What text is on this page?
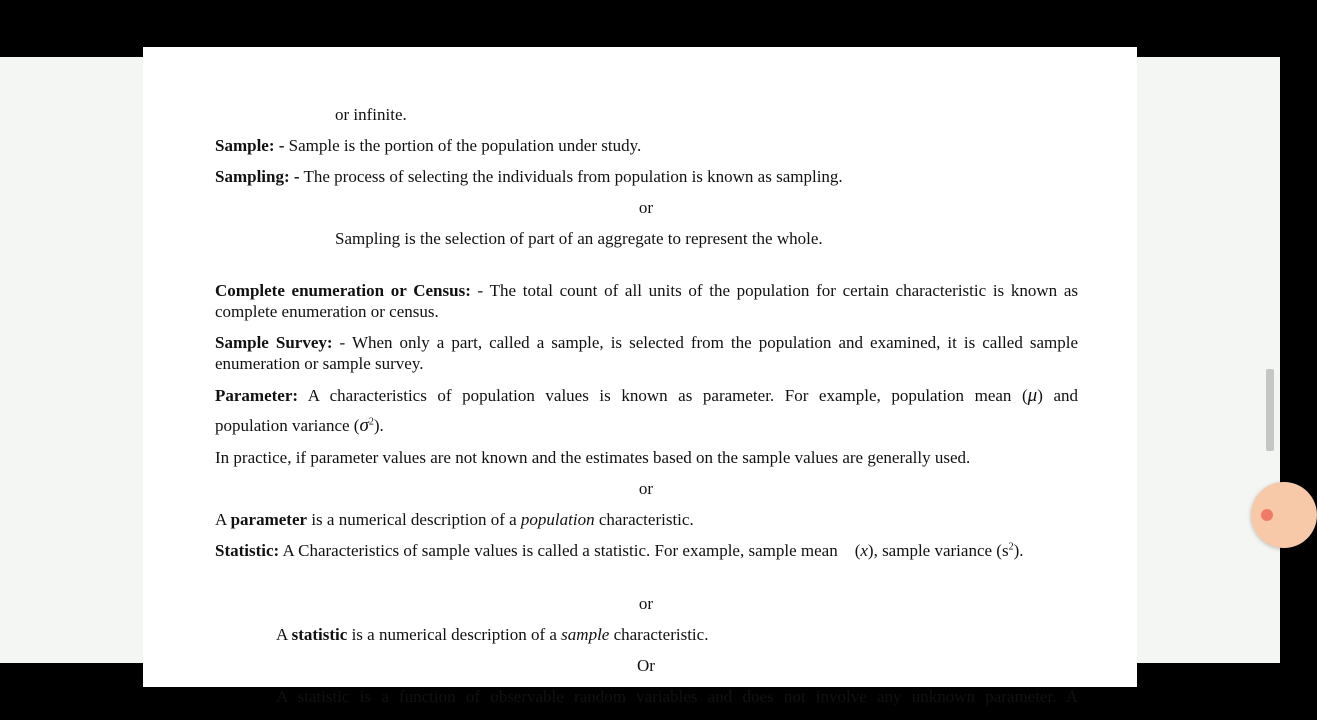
or infinite.

Sample: - Sample is the portion of the population under study.

Sampling: - The process of selecting the individuals from population is known as sampling.

or

Sampling is the selection of part of an aggregate to represent the whole.

Complete enumeration or Census: - The total count of all units of the population for certain characteristic is known as complete enumeration or census.

Sample Survey: - When only a part, called a sample, is selected from the population and examined, it is called sample enumeration or sample survey.

Parameter: A characteristics of population values is known as parameter. For example, population mean (μ) and

population variance $(\sigma^2)$.

In practice, if parameter values are not known and the estimates based on the sample values are generally used.

or

A parameter is a numerical description of a population characteristic.

Statistic: A Characteristics of sample values is called a statistic. For example, sample mean    (x), sample variance $(s^2)$.

or

A statistic is a numerical description of a sample characteristic.

Or

A statistic is a function of observable random variables and does not involve any unknown parameter. A
